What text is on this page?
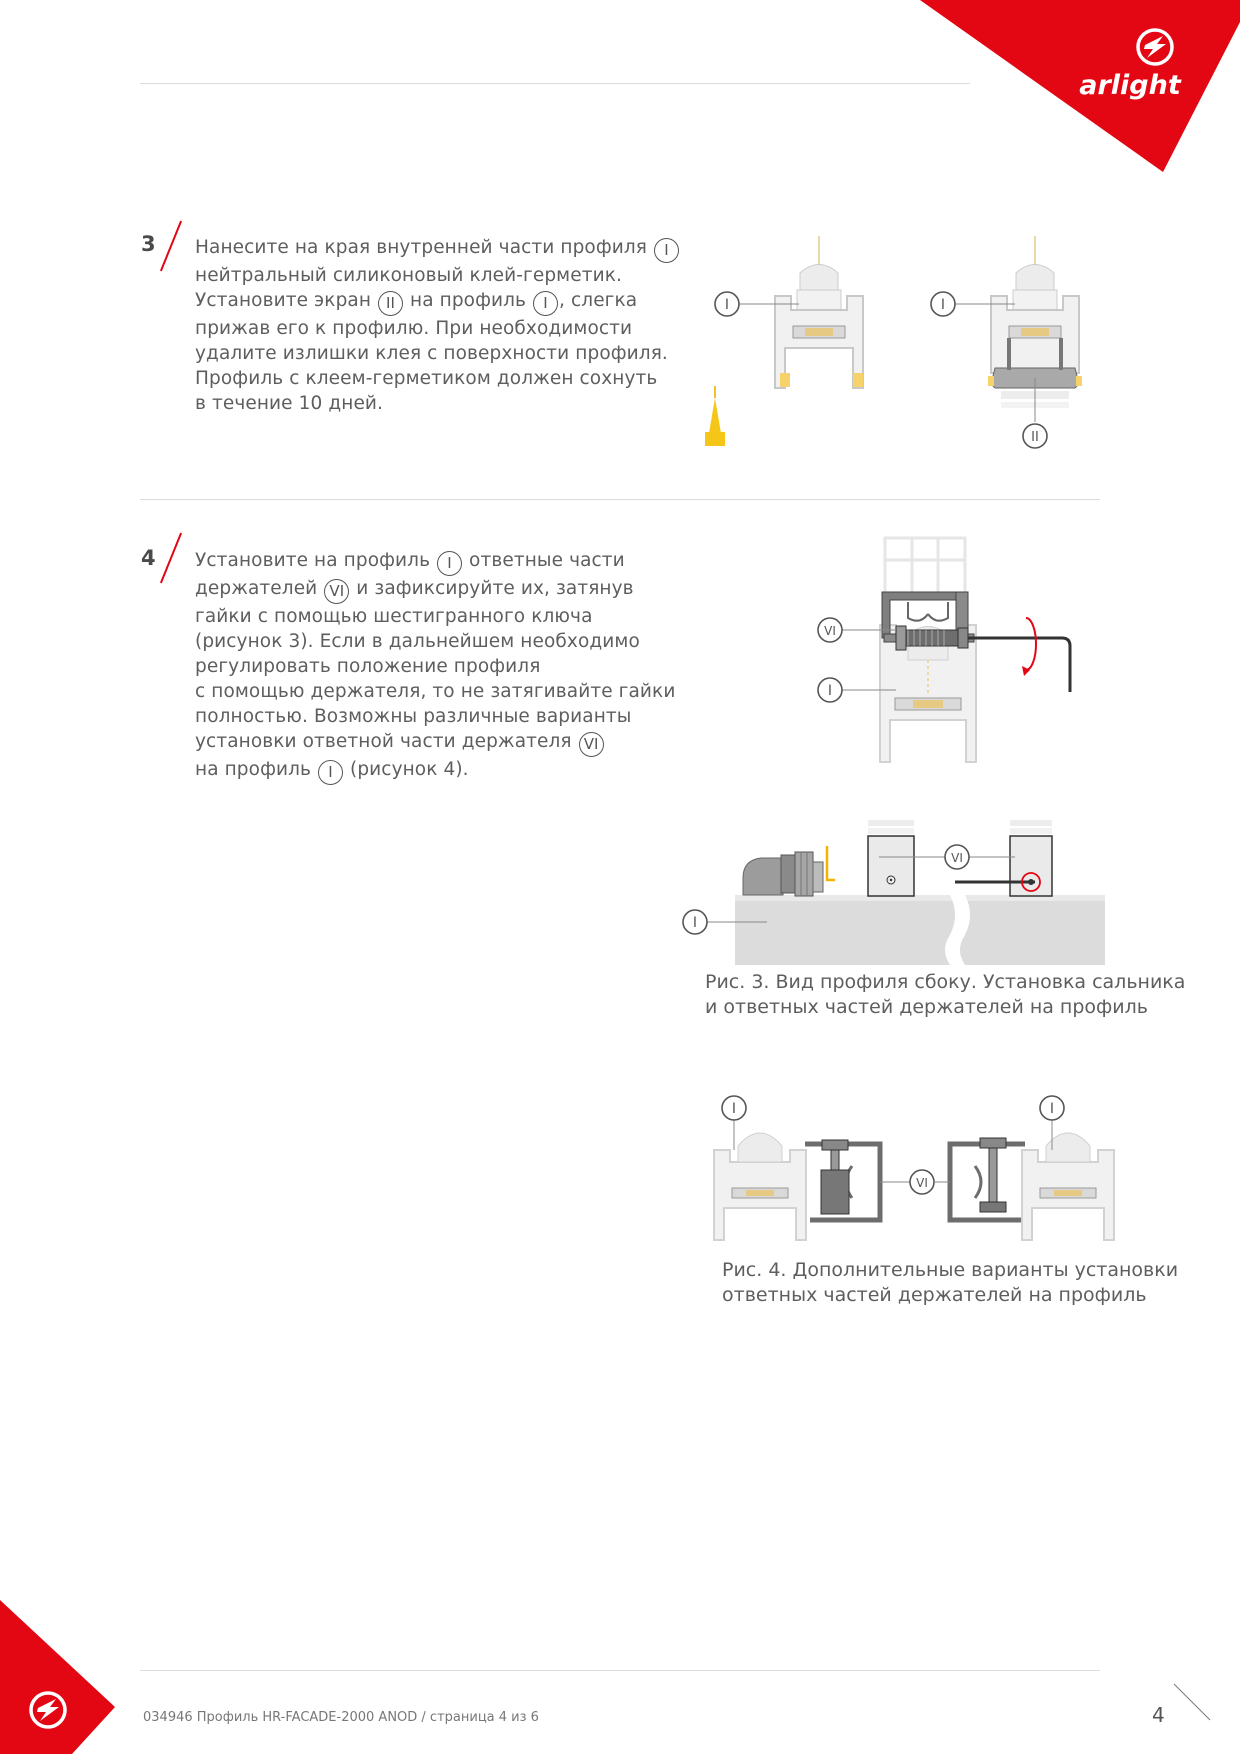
arlight
3 Нанесите на края внутренней части профиля I
нейтральный силиконовый клей-герметик.
Установите экран II на профиль I , слегка
прижав его к профилю. При необходимости
удалите излишки клея с поверхности профиля.
Профиль с клеем-герметиком должен сохнуть
в течение 10 дней.
I	I
II
4 Установите на профиль I ответные части
держателей VI и зафиксируйте их, затянув
гайки с помощью шестигранного ключа
(рисунок 3). Если в дальнейшем необходимо
регулировать положение профиля
с помощью держателя, то не затягивайте гайки
полностью. Возможны различные варианты
установки ответной части держателя VI
на профиль I (рисунок 4).
VI
I
VI
I
Рис. 3. Вид профиля сбоку. Установка сальника
и ответных частей держателей на профиль
I
VI
I
Рис. 4. Дополнительные варианты установки
ответных частей держателей на профиль
034946 Профиль HR-FACADE-2000 ANOD / страница 4 из 6	4
